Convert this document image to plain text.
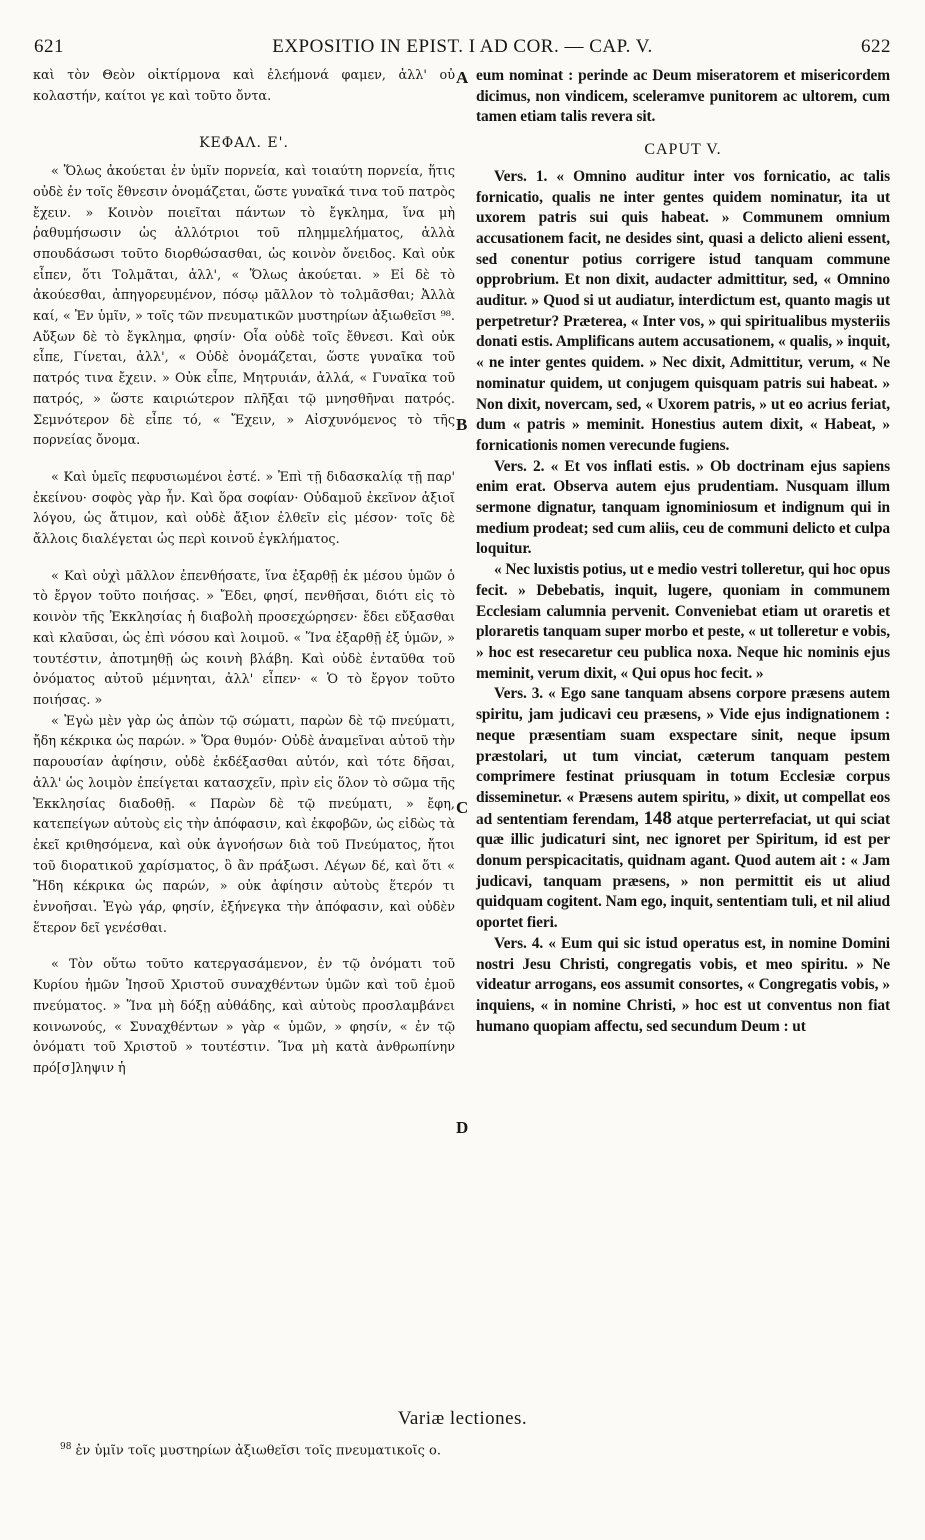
621	EXPOSITIO IN EPIST. I AD COR. — CAP. V.	622

καὶ τὸν Θεὸν οἰκτίρμονα καὶ ἐλεήμονά φαμεν, ἀλλ' οὐ κολαστήν, καίτοι γε καὶ τοῦτο ὄντα.

ΚΕΦΑΛ. Ε'.

« Ὅλως ἀκούεται ἐν ὑμῖν πορνεία, καὶ τοιαύτη πορνεία, ἥτις οὐδὲ ἐν τοῖς ἔθνεσιν ὀνομάζεται, ὥστε γυναῖκά τινα τοῦ πατρὸς ἔχειν. » Κοινὸν ποιεῖται πάντων τὸ ἔγκλημα, ἵνα μὴ ῥαθυμήσωσιν ὡς ἀλλότριοι τοῦ πλημμελήματος, ἀλλὰ σπουδάσωσι τοῦτο διορθώσασθαι, ὡς κοινὸν ὄνειδος. Καὶ οὐκ εἶπεν, ὅτι Τολμᾶται, ἀλλ', « Ὅλως ἀκούεται. » Εἰ δὲ τὸ ἀκούεσθαι, ἀπηγορευμένον, πόσῳ μᾶλλον τὸ τολμᾶσθαι; Ἀλλὰ καί, « Ἐν ὑμῖν, » τοῖς τῶν πνευματικῶν μυστηρίων ἀξιωθεῖσι ⁹⁸. Αὔξων δὲ τὸ ἔγκλημα, φησίν· Οἷα οὐδὲ τοῖς ἔθνεσι. Καὶ οὐκ εἶπε, Γίνεται, ἀλλ', « Οὐδὲ ὀνομάζεται, ὥστε γυναῖκα τοῦ πατρός τινα ἔχειν. » Οὐκ εἶπε, Μητρυιάν, ἀλλά, « Γυναῖκα τοῦ πατρός, » ὥστε καιριώτερον πλῆξαι τῷ μνησθῆναι πατρός. Σεμνότερον δὲ εἶπε τό, « Ἔχειν, » Αἰσχυνόμενος τὸ τῆς πορνείας ὄνομα.

« Καὶ ὑμεῖς πεφυσιωμένοι ἐστέ. » Ἐπὶ τῇ διδασκαλίᾳ τῇ παρ' ἐκείνου· σοφὸς γὰρ ἦν. Καὶ ὅρα σοφίαν· Οὐδαμοῦ ἐκεῖνον ἀξιοῖ λόγου, ὡς ἄτιμον, καὶ οὐδὲ ἄξιον ἐλθεῖν εἰς μέσον· τοῖς δὲ ἄλλοις διαλέγεται ὡς περὶ κοινοῦ ἐγκλήματος.

« Καὶ οὐχὶ μᾶλλον ἐπενθήσατε, ἵνα ἐξαρθῇ ἐκ μέσου ὑμῶν ὁ τὸ ἔργον τοῦτο ποιήσας. » Ἔδει, φησί, πενθῆσαι, διότι εἰς τὸ κοινὸν τῆς Ἐκκλησίας ἡ διαβολὴ προσεχώρησεν· ἔδει εὔξασθαι καὶ κλαῦσαι, ὡς ἐπὶ νόσου καὶ λοιμοῦ. « Ἵνα ἐξαρθῇ ἐξ ὑμῶν, » τουτέστιν, ἀποτμηθῇ ὡς κοινὴ βλάβη. Καὶ οὐδὲ ἐνταῦθα τοῦ ὀνόματος αὐτοῦ μέμνηται, ἀλλ' εἶπεν· « Ὁ τὸ ἔργον τοῦτο ποιήσας. »

« Ἐγὼ μὲν γὰρ ὡς ἀπὼν τῷ σώματι, παρὼν δὲ τῷ πνεύματι, ἤδη κέκρικα ὡς παρών. » Ὅρα θυμόν· Οὐδὲ ἀναμεῖναι αὐτοῦ τὴν παρουσίαν ἀφίησιν, οὐδὲ ἐκδέξασθαι αὐτόν, καὶ τότε δῆσαι, ἀλλ' ὡς λοιμὸν ἐπείγεται κατασχεῖν, πρὶν εἰς ὅλον τὸ σῶμα τῆς Ἐκκλησίας διαδοθῇ. « Παρὼν δὲ τῷ πνεύματι, » ἔφη, κατεπείγων αὐτοὺς εἰς τὴν ἀπόφασιν, καὶ ἐκφοβῶν, ὡς εἰδὼς τὰ ἐκεῖ κριθησόμενα, καὶ οὐκ ἀγνοήσων διὰ τοῦ Πνεύματος, ἤτοι τοῦ διορατικοῦ χαρίσματος, ὃ ἂν πράξωσι. Λέγων δέ, καὶ ὅτι « Ἤδη κέκρικα ὡς παρών, » οὐκ ἀφίησιν αὐτοὺς ἕτερόν τι ἐννοῆσαι. Ἐγὼ γάρ, φησίν, ἐξήνεγκα τὴν ἀπόφασιν, καὶ οὐδὲν ἕτερον δεῖ γενέσθαι.

« Τὸν οὕτω τοῦτο κατεργασάμενον, ἐν τῷ ὀνόματι τοῦ Κυρίου ἡμῶν Ἰησοῦ Χριστοῦ συναχθέντων ὑμῶν καὶ τοῦ ἐμοῦ πνεύματος. » Ἵνα μὴ δόξῃ αὐθάδης, καὶ αὐτοὺς προσλαμβάνει κοινωνούς, « Συναχθέντων » γὰρ « ὑμῶν, » φησίν, « ἐν τῷ ὀνόματι τοῦ Χριστοῦ » τουτέστιν. Ἵνα μὴ κατὰ ἀνθρωπίνην πρό[σ]ληψιν ἡ

A
B
C
D

eum nominat : perinde ac Deum miseratorem et misericordem dicimus, non vindicem, sceleramve punitorem ac ultorem, cum tamen etiam talis revera sit.

CAPUT V.

Vers. 1. « Omnino auditur inter vos fornicatio, ac talis fornicatio, qualis ne inter gentes quidem nominatur, ita ut uxorem patris sui quis habeat. » Communem omnium accusationem facit, ne desides sint, quasi a delicto alieni essent, sed conentur potius corrigere istud tanquam commune opprobrium. Et non dixit, audacter admittitur, sed, « Omnino auditur. » Quod si ut audiatur, interdictum est, quanto magis ut perpetretur? Præterea, « Inter vos, » qui spiritualibus mysteriis donati estis. Amplificans autem accusationem, « qualis, » inquit, « ne inter gentes quidem. » Nec dixit, Admittitur, verum, « Ne nominatur quidem, ut conjugem quisquam patris sui habeat. » Non dixit, novercam, sed, « Uxorem patris, » ut eo acrius feriat, dum « patris » meminit. Honestius autem dixit, « Habeat, » fornicationis nomen verecunde fugiens.

Vers. 2. « Et vos inflati estis. » Ob doctrinam ejus sapiens enim erat. Observa autem ejus prudentiam. Nusquam illum sermone dignatur, tanquam ignominiosum et indignum qui in medium prodeat; sed cum aliis, ceu de communi delicto et culpa loquitur.

« Nec luxistis potius, ut e medio vestri tolleretur, qui hoc opus fecit. » Debebatis, inquit, lugere, quoniam in communem Ecclesiam calumnia pervenit. Conveniebat etiam ut oraretis et ploraretis tanquam super morbo et peste, « ut tolleretur e vobis, » hoc est resecaretur ceu publica noxa. Neque hic nominis ejus meminit, verum dixit, « Qui opus hoc fecit. »

Vers. 3. « Ego sane tanquam absens corpore præsens autem spiritu, jam judicavi ceu præsens, » Vide ejus indignationem : neque præsentiam suam exspectare sinit, neque ipsum præstolari, ut tum vinciat, cæterum tanquam pestem comprimere festinat priusquam in totum Ecclesiæ corpus disseminetur. « Præsens autem spiritu, » dixit, ut compellat eos ad sententiam ferendam, 148 atque perterrefaciat, ut qui sciat quæ illic judicaturi sint, nec ignoret per Spiritum, id est per donum perspicacitatis, quidnam agant. Quod autem ait : « Jam judicavi, tanquam præsens, » non permittit eis ut aliud quidquam cogitent. Nam ego, inquit, sententiam tuli, et nil aliud oportet fieri.

Vers. 4. « Eum qui sic istud operatus est, in nomine Domini nostri Jesu Christi, congregatis vobis, et meo spiritu. » Ne videatur arrogans, eos assumit consortes, « Congregatis vobis, » inquiens, « in nomine Christi, » hoc est ut conventus non fiat humano quopiam affectu, sed secundum Deum : ut

Variæ lectiones.
$^{98}$ ἐν ὑμῖν τοῖς μυστηρίων ἀξιωθεῖσι τοῖς πνευματικοῖς ο.
